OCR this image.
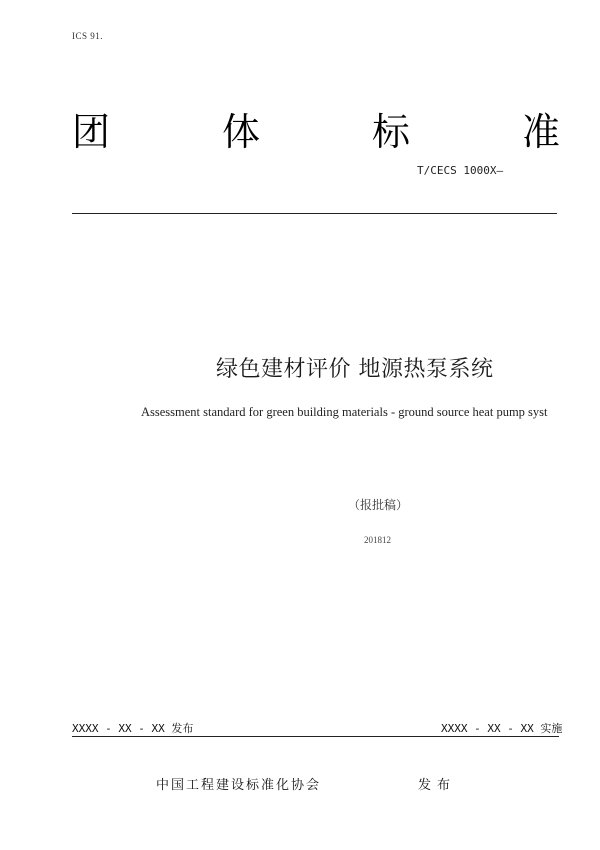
ICS 91.
团	体	标	准
T/CECS 1000X—
绿色建材评价 地源热泵系统
Assessment standard for green building materials - ground source heat pump syst
（报批稿）
201812
XXXX - XX - XX 发布	XXXX - XX - XX 实施
中国工程建设标准化协会	发布
